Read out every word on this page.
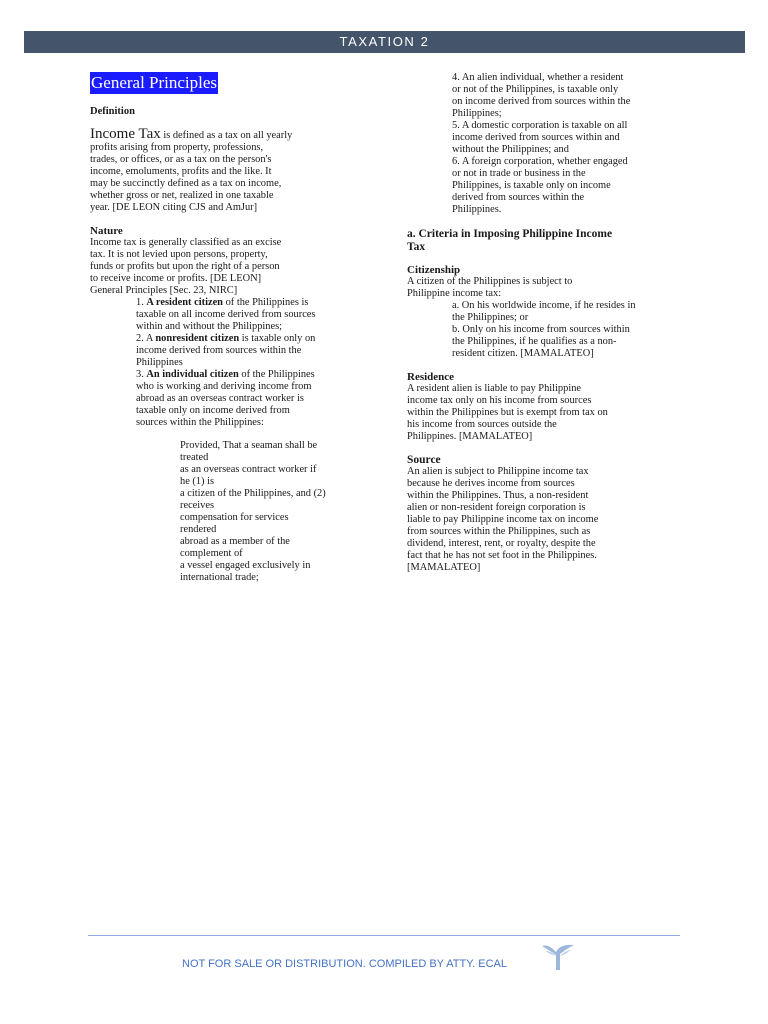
TAXATION 2
General Principles
Definition
Income Tax is defined as a tax on all yearly
profits arising from property, professions,
trades, or offices, or as a tax on the person's
income, emoluments, profits and the like. It
may be succinctly defined as a tax on income,
whether gross or net, realized in one taxable
year. [DE LEON citing CJS and AmJur]
Nature
Income tax is generally classified as an excise
tax. It is not levied upon persons, property,
funds or profits but upon the right of a person
to receive income or profits. [DE LEON]
General Principles [Sec. 23, NIRC]
1. A resident citizen of the Philippines is
taxable on all income derived from sources
within and without the Philippines;
2. A nonresident citizen is taxable only on
income derived from sources within the
Philippines
3. An individual citizen of the Philippines
who is working and deriving income from
abroad as an overseas contract worker is
taxable only on income derived from
sources within the Philippines:
Provided, That a seaman shall be
treated
as an overseas contract worker if
he (1) is
a citizen of the Philippines, and (2)
receives
compensation for services
rendered
abroad as a member of the
complement of
a vessel engaged exclusively in
international trade;
4. An alien individual, whether a resident
or not of the Philippines, is taxable only
on income derived from sources within the
Philippines;
5. A domestic corporation is taxable on all
income derived from sources within and
without the Philippines; and
6. A foreign corporation, whether engaged
or not in trade or business in the
Philippines, is taxable only on income
derived from sources within the
Philippines.
a. Criteria in Imposing Philippine Income
Tax
Citizenship
A citizen of the Philippines is subject to
Philippine income tax:
a. On his worldwide income, if he resides in
the Philippines; or
b. Only on his income from sources within
the Philippines, if he qualifies as a non-
resident citizen. [MAMALATEO]
Residence
A resident alien is liable to pay Philippine
income tax only on his income from sources
within the Philippines but is exempt from tax on
his income from sources outside the
Philippines. [MAMALATEO]
Source
An alien is subject to Philippine income tax
because he derives income from sources
within the Philippines. Thus, a non-resident
alien or non-resident foreign corporation is
liable to pay Philippine income tax on income
from sources within the Philippines, such as
dividend, interest, rent, or royalty, despite the
fact that he has not set foot in the Philippines.
[MAMALATEO]
NOT FOR SALE OR DISTRIBUTION. COMPILED BY ATTY. ECAL
